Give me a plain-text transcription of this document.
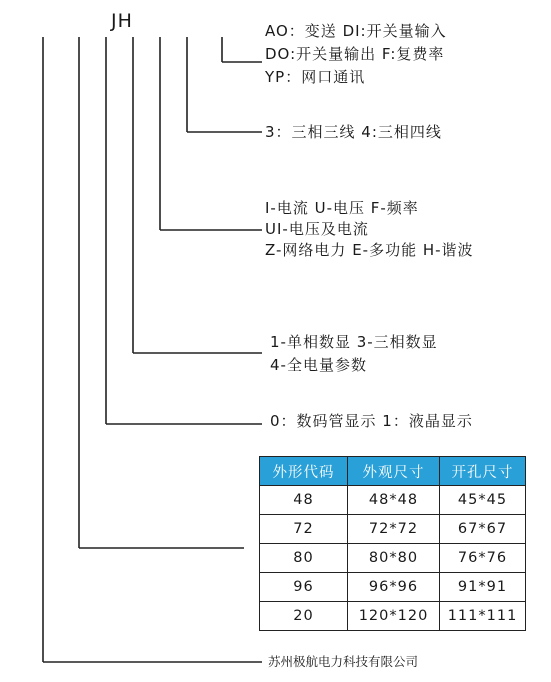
JH	AO：变送 DI:开关量输入
DO:开关量输出 F:复费率
YP：网口通讯
3：三相三线 4:三相四线
I-电流 U-电压 F-频率
UI-电压及电流
Z-网络电力 E-多功能 H-谐波
1-单相数显 3-三相数显
4-全电量参数
0：数码管显示 1：液晶显示
外形代码	外观尺寸	开孔尺寸
48	48*48	45*45
72	72*72	67*67
80	80*80	76*76
96	96*96	91*91
20	120*120	111*111
苏州极航电力科技有限公司
